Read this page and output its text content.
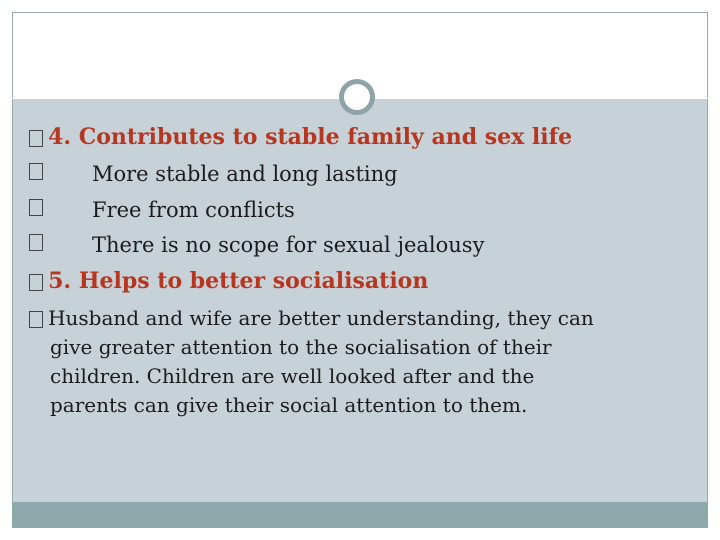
4. Contributes to stable family and sex life
More stable and long lasting
Free from conflicts
There is no scope for sexual jealousy
5. Helps to better socialisation
Husband and wife are better understanding, they can
give greater attention to the socialisation of their
children. Children are well looked after and the
parents can give their social attention to them.
